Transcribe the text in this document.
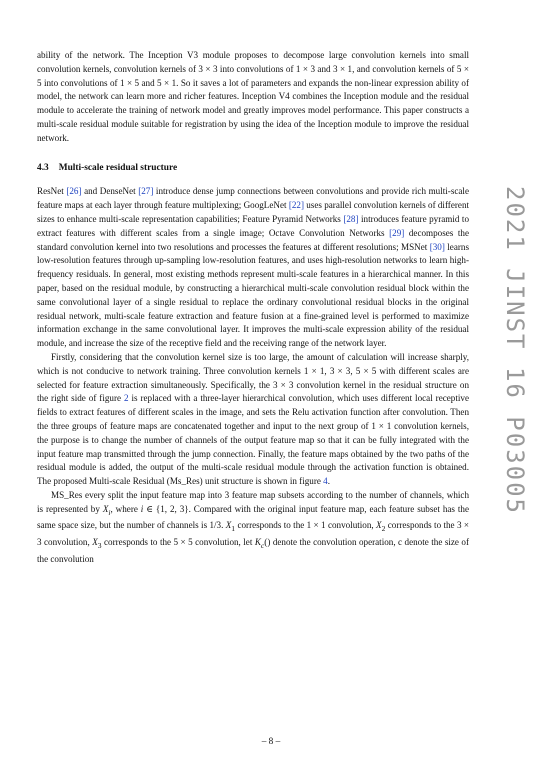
ability of the network. The Inception V3 module proposes to decompose large convolution kernels into small convolution kernels, convolution kernels of 3 × 3 into convolutions of 1 × 3 and 3 × 1, and convolution kernels of 5 × 5 into convolutions of 1 × 5 and 5 × 1. So it saves a lot of parameters and expands the non-linear expression ability of model, the network can learn more and richer features. Inception V4 combines the Inception module and the residual module to accelerate the training of network model and greatly improves model performance. This paper constructs a multi-scale residual module suitable for registration by using the idea of the Inception module to improve the residual network.

4.3 Multi-scale residual structure

ResNet [26] and DenseNet [27] introduce dense jump connections between convolutions and provide rich multi-scale feature maps at each layer through feature multiplexing; GoogLeNet [22] uses parallel convolution kernels of different sizes to enhance multi-scale representation capabilities; Feature Pyramid Networks [28] introduces feature pyramid to extract features with different scales from a single image; Octave Convolution Networks [29] decomposes the standard convolution kernel into two resolutions and processes the features at different resolutions; MSNet [30] learns low-resolution features through up-sampling low-resolution features, and uses high-resolution networks to learn high-frequency residuals. In general, most existing methods represent multi-scale features in a hierarchical manner. In this paper, based on the residual module, by constructing a hierarchical multi-scale convolution residual block within the same convolutional layer of a single residual to replace the ordinary convolutional residual blocks in the original residual network, multi-scale feature extraction and feature fusion at a fine-grained level is performed to maximize information exchange in the same convolutional layer. It improves the multi-scale expression ability of the residual module, and increase the size of the receptive field and the receiving range of the network layer.

Firstly, considering that the convolution kernel size is too large, the amount of calculation will increase sharply, which is not conducive to network training. Three convolution kernels 1 × 1, 3 × 3, 5 × 5 with different scales are selected for feature extraction simultaneously. Specifically, the 3 × 3 convolution kernel in the residual structure on the right side of figure 2 is replaced with a three-layer hierarchical convolution, which uses different local receptive fields to extract features of different scales in the image, and sets the Relu activation function after convolution. Then the three groups of feature maps are concatenated together and input to the next group of 1 × 1 convolution kernels, the purpose is to change the number of channels of the output feature map so that it can be fully integrated with the input feature map transmitted through the jump connection. Finally, the feature maps obtained by the two paths of the residual module is added, the output of the multi-scale residual module through the activation function is obtained. The proposed Multi-scale Residual (Ms_Res) unit structure is shown in figure 4.

MS_Res every split the input feature map into 3 feature map subsets according to the number of channels, which is represented by $X_i$, where i ∈ {1, 2, 3}. Compared with the original input feature map, each feature subset has the same space size, but the number of channels is 1/3. $X_1$ corresponds to the 1 × 1 convolution, $X_2$ corresponds to the 3 × 3 convolution, $X_3$ corresponds to the 5 × 5 convolution, let $K_c()$ denote the convolution operation, c denote the size of the convolution

2021 JINST 16 P03005
– 8 –
